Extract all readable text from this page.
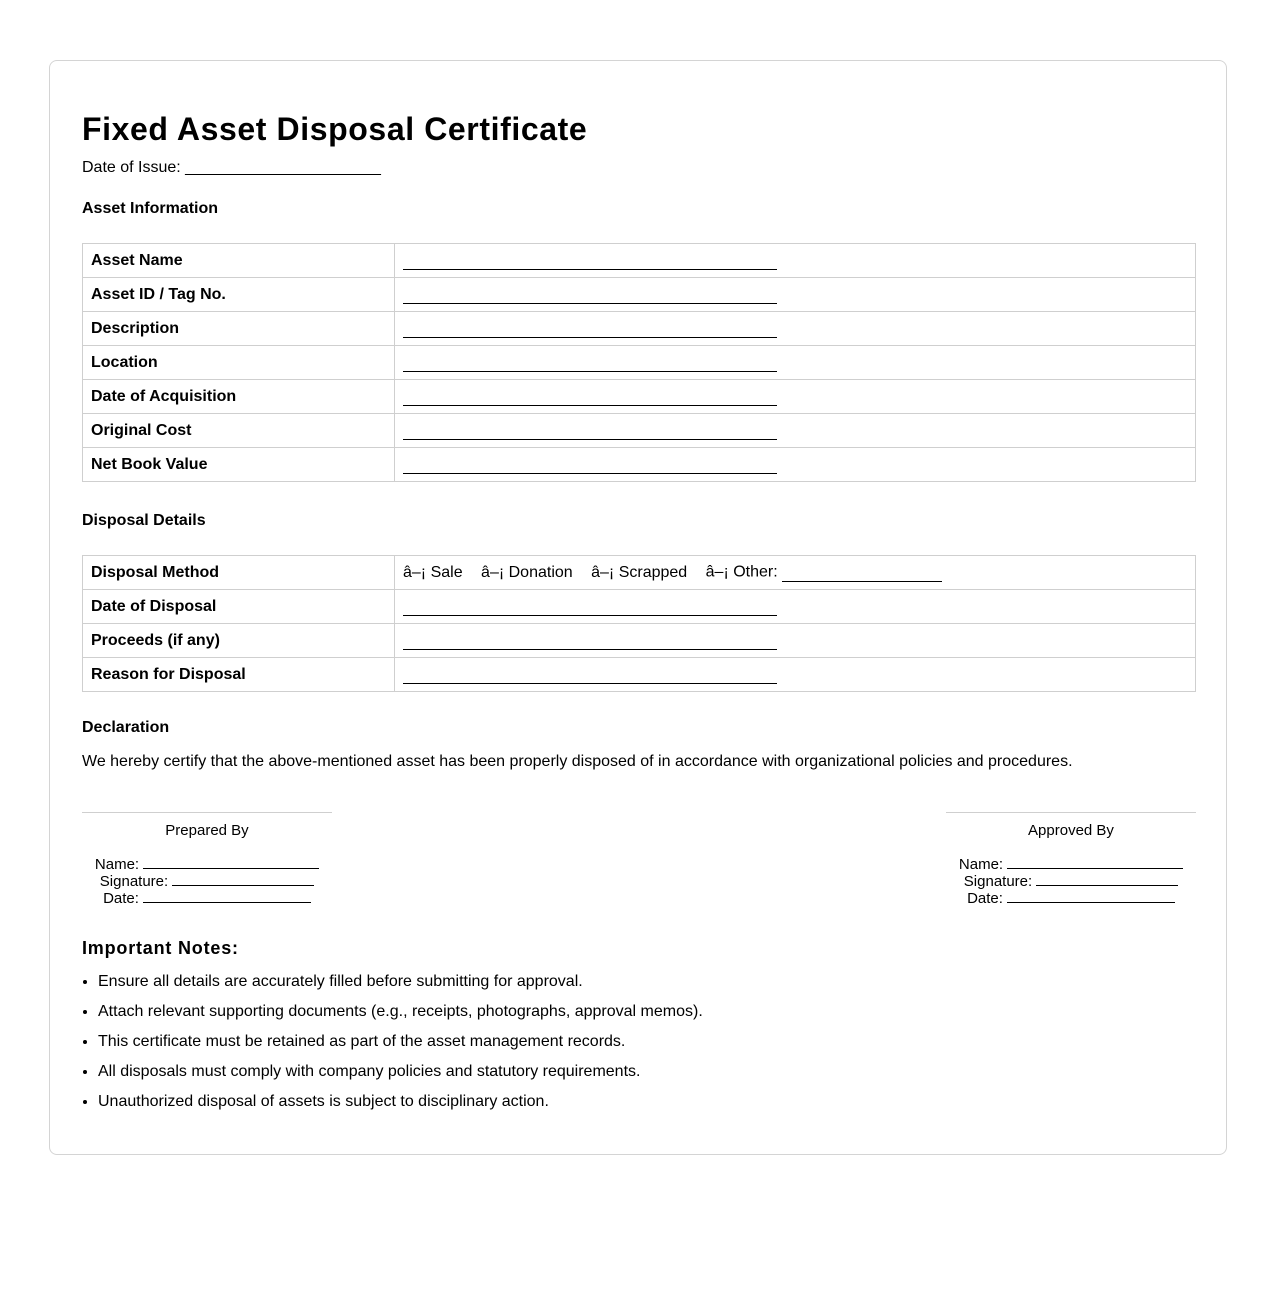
Fixed Asset Disposal Certificate
Date of Issue: ______________________
Asset Information
Asset Name	
Asset ID / Tag No.	
Description	
Location	
Date of Acquisition	
Original Cost	
Net Book Value	
Disposal Details
Disposal Method	â–¡ Sale â–¡ Donation â–¡ Scrapped â–¡ Other:
Date of Disposal	
Proceeds (if any)	
Reason for Disposal	
Declaration
We hereby certify that the above-mentioned asset has been properly disposed of in accordance with organizational policies and procedures.
Prepared By
Name:
Signature:
Date:
Approved By
Name:
Signature:
Date:
Important Notes:
• Ensure all details are accurately filled before submitting for approval.
• Attach relevant supporting documents (e.g., receipts, photographs, approval memos).
• This certificate must be retained as part of the asset management records.
• All disposals must comply with company policies and statutory requirements.
• Unauthorized disposal of assets is subject to disciplinary action.
